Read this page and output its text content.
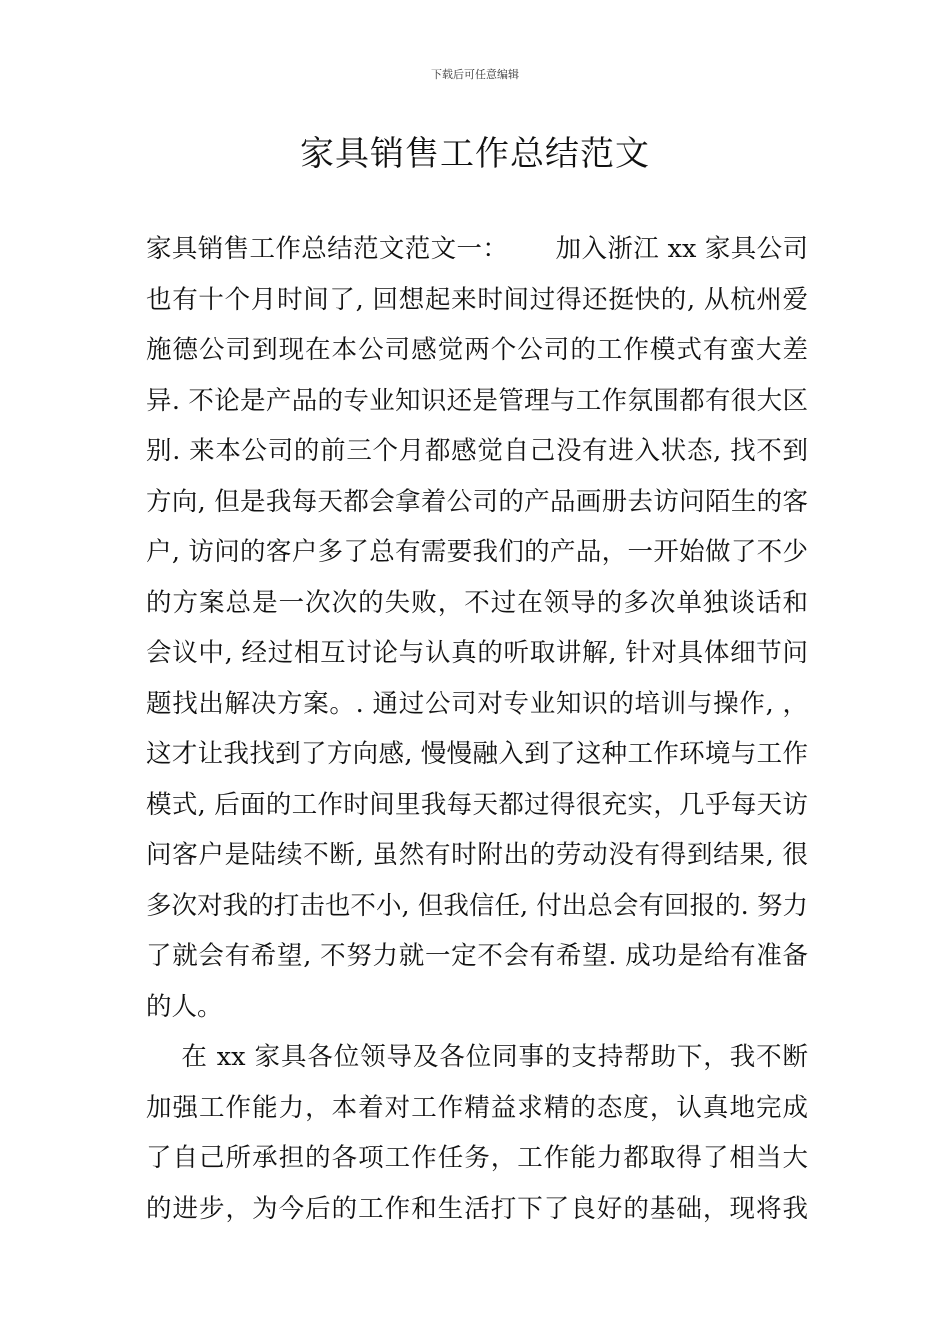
下载后可任意编辑
家具销售工作总结范文
家具销售工作总结范文范文一：　　 加入浙江 xx 家具公司
也有十个月时间了, 回想起来时间过得还挺快的, 从杭州爱
施德公司到现在本公司感觉两个公司的工作模式有蛮大差
异. 不论是产品的专业知识还是管理与工作氛围都有很大区
别. 来本公司的前三个月都感觉自己没有进入状态, 找不到
方向, 但是我每天都会拿着公司的产品画册去访问陌生的客
户, 访问的客户多了总有需要我们的产品，一开始做了不少
的方案总是一次次的失败，不过在领导的多次单独谈话和
会议中, 经过相互讨论与认真的听取讲解, 针对具体细节问
题找出解决方案。. 通过公司对专业知识的培训与操作, ，
这才让我找到了方向感, 慢慢融入到了这种工作环境与工作
模式, 后面的工作时间里我每天都过得很充实，几乎每天访
问客户是陆续不断, 虽然有时附出的劳动没有得到结果, 很
多次对我的打击也不小, 但我信任, 付出总会有回报的. 努力
了就会有希望, 不努力就一定不会有希望. 成功是给有准备
的人。
　 在 xx 家具各位领导及各位同事的支持帮助下，我不断
加强工作能力，本着对工作精益求精的态度，认真地完成
了自己所承担的各项工作任务，工作能力都取得了相当大
的进步，为今后的工作和生活打下了良好的基础，现将我
